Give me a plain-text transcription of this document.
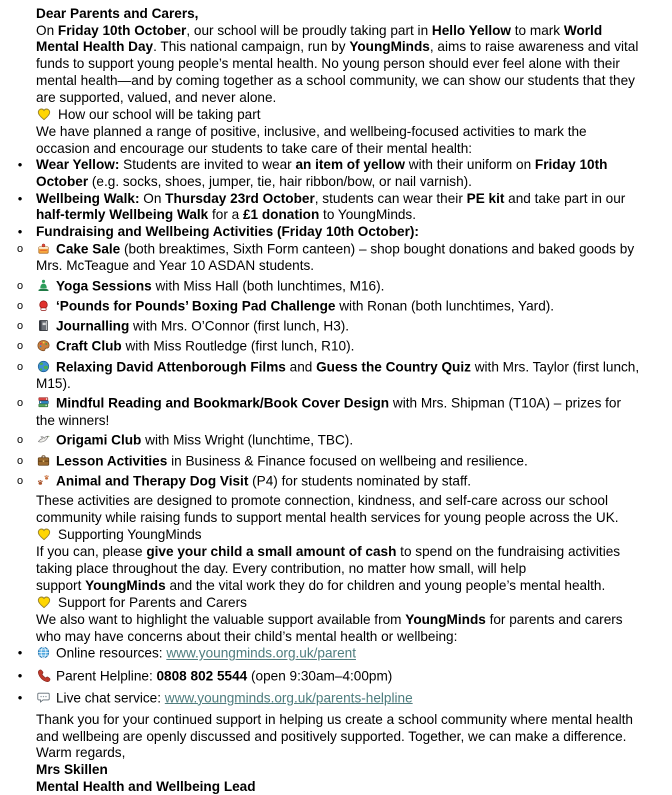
Dear Parents and Carers,

On Friday 10th October, our school will be proudly taking part in Hello Yellow to mark World Mental Health Day. This national campaign, run by YoungMinds, aims to raise awareness and vital funds to support young people’s mental health. No young person should ever feel alone with their mental health—and by coming together as a school community, we can show our students that they are supported, valued, and never alone.

How our school will be taking part

We have planned a range of positive, inclusive, and wellbeing-focused activities to mark the occasion and encourage our students to take care of their mental health:

•
Wear Yellow: Students are invited to wear an item of yellow with their uniform on Friday 10th October (e.g. socks, shoes, jumper, tie, hair ribbon/bow, or nail varnish).
•
Wellbeing Walk: On Thursday 23rd October, students can wear their PE kit and take part in our half-termly Wellbeing Walk for a £1 donation to YoungMinds.
•
Fundraising and Wellbeing Activities (Friday 10th October):
o
Cake Sale (both breaktimes, Sixth Form canteen) – shop bought donations and baked goods by Mrs. McTeague and Year 10 ASDAN students.
o
Yoga Sessions with Miss Hall (both lunchtimes, M16).
o
‘Pounds for Pounds’ Boxing Pad Challenge with Ronan (both lunchtimes, Yard).
o
Journalling with Mrs. O’Connor (first lunch, H3).
o
Craft Club with Miss Routledge (first lunch, R10).
o
Relaxing David Attenborough Films and Guess the Country Quiz with Mrs. Taylor (first lunch, M15).
o
Mindful Reading and Bookmark/Book Cover Design with Mrs. Shipman (T10A) – prizes for the winners!
o
Origami Club with Miss Wright (lunchtime, TBC).
o
Lesson Activities in Business & Finance focused on wellbeing and resilience.
o
Animal and Therapy Dog Visit (P4) for students nominated by staff.

These activities are designed to promote connection, kindness, and self-care across our school community while raising funds to support mental health services for young people across the UK.

Supporting YoungMinds

If you can, please give your child a small amount of cash to spend on the fundraising activities taking place throughout the day. Every contribution, no matter how small, will help
support YoungMinds and the vital work they do for children and young people’s mental health.

Support for Parents and Carers

We also want to highlight the valuable support available from YoungMinds for parents and carers who may have concerns about their child’s mental health or wellbeing:

•
Online resources: www.youngminds.org.uk/parent
•
Parent Helpline: 0808 802 5544 (open 9:30am–4:00pm)
•
Live chat service: www.youngminds.org.uk/parents-helpline

Thank you for your continued support in helping us create a school community where mental health and wellbeing are openly discussed and positively supported. Together, we can make a difference.

Warm regards,

Mrs Skillen

Mental Health and Wellbeing Lead
